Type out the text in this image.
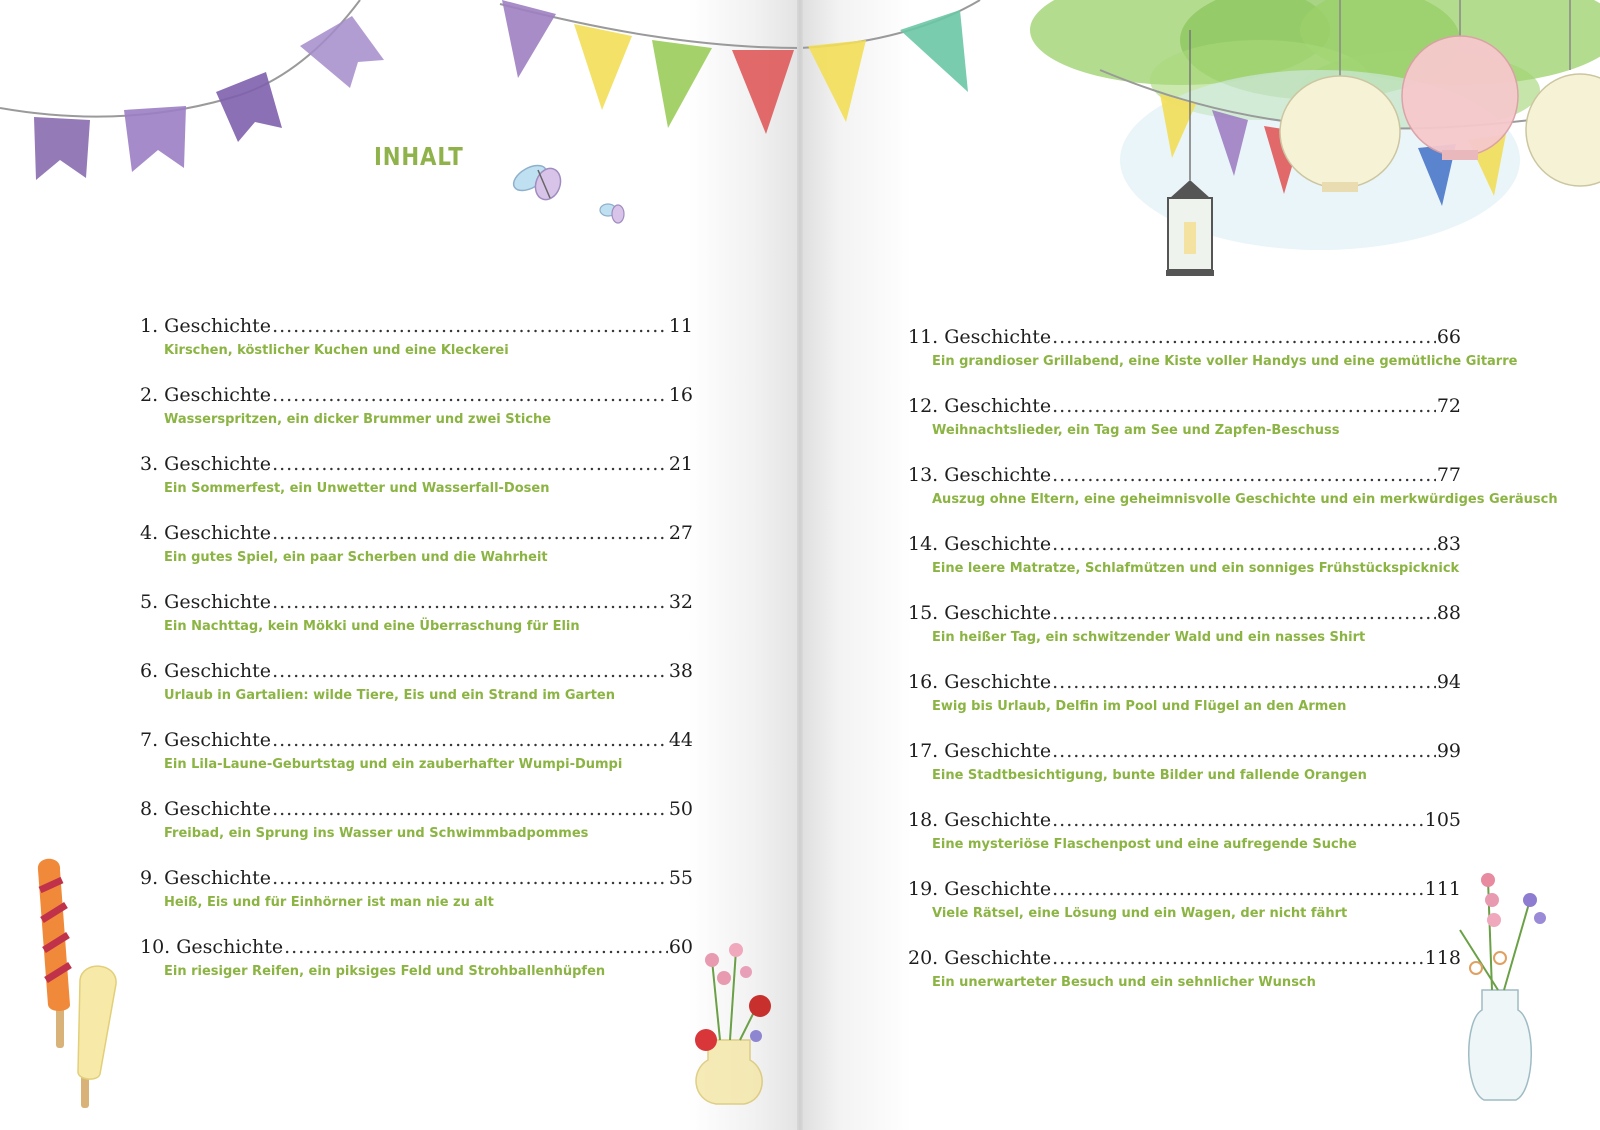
INHALT
1. Geschichte .....	11
Kirschen, köstlicher Kuchen und eine Kleckerei
2. Geschichte .....	16
Wasserspritzen, ein dicker Brummer und zwei Stiche
3. Geschichte .....	21
Ein Sommerfest, ein Unwetter und Wasserfall-Dosen
4. Geschichte .....	27
Ein gutes Spiel, ein paar Scherben und die Wahrheit
5. Geschichte .....	32
Ein Nachttag, kein Mökki und eine Überraschung für Elin
6. Geschichte .....	38
Urlaub in Gartalien: wilde Tiere, Eis und ein Strand im Garten
7. Geschichte .....	44
Ein Lila-Laune-Geburtstag und ein zauberhafter Wumpi-Dumpi
8. Geschichte .....	50
Freibad, ein Sprung ins Wasser und Schwimmbadpommes
9. Geschichte .....	55
Heiß, Eis und für Einhörner ist man nie zu alt
10. Geschichte .....	60
Ein riesiger Reifen, ein piksiges Feld und Strohballenhüpfen
11. Geschichte .....	66
Ein grandioser Grillabend, eine Kiste voller Handys und eine gemütliche Gitarre
12. Geschichte .....	72
Weihnachtslieder, ein Tag am See und Zapfen-Beschuss
13. Geschichte .....	77
Auszug ohne Eltern, eine geheimnisvolle Geschichte und ein merkwürdiges Geräusch
14. Geschichte .....	83
Eine leere Matratze, Schlafmützen und ein sonniges Frühstückspicknick
15. Geschichte .....	88
Ein heißer Tag, ein schwitzender Wald und ein nasses Shirt
16. Geschichte .....	94
Ewig bis Urlaub, Delfin im Pool und Flügel an den Armen
17. Geschichte .....	99
Eine Stadtbesichtigung, bunte Bilder und fallende Orangen
18. Geschichte .....	105
Eine mysteriöse Flaschenpost und eine aufregende Suche
19. Geschichte .....	111
Viele Rätsel, eine Lösung und ein Wagen, der nicht fährt
20. Geschichte .....	118
Ein unerwarteter Besuch und ein sehnlicher Wunsch
